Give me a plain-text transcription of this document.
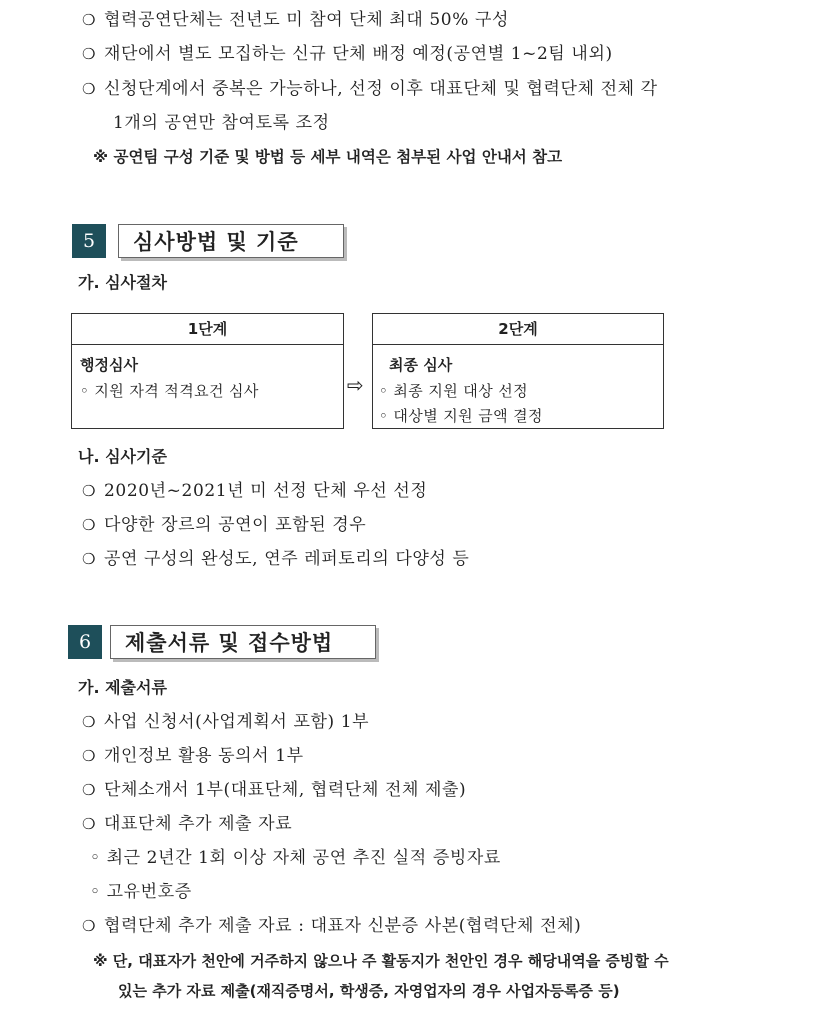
❍ 협력공연단체는 전년도 미 참여 단체 최대 50% 구성
❍ 재단에서 별도 모집하는 신규 단체 배정 예정(공연별 1~2팀 내외)
❍ 신청단계에서 중복은 가능하나, 선정 이후 대표단체 및 협력단체 전체 각
1개의 공연만 참여토록 조정
※ 공연팀 구성 기준 및 방법 등 세부 내역은 첨부된 사업 안내서 참고
5	심사방법 및 기준
가. 심사절차
1단계
행정심사
◦ 지원 자격 적격요건 심사	⇨
2단계
최종 심사
◦ 최종 지원 대상 선정
◦ 대상별 지원 금액 결정
나. 심사기준
❍ 2020년~2021년 미 선정 단체 우선 선정
❍ 다양한 장르의 공연이 포함된 경우
❍ 공연 구성의 완성도, 연주 레퍼토리의 다양성 등
6	제출서류 및 접수방법
가. 제출서류
❍ 사업 신청서(사업계획서 포함) 1부
❍ 개인정보 활용 동의서 1부
❍ 단체소개서 1부(대표단체, 협력단체 전체 제출)
❍ 대표단체 추가 제출 자료
◦ 최근 2년간 1회 이상 자체 공연 추진 실적 증빙자료
◦ 고유번호증
❍ 협력단체 추가 제출 자료 : 대표자 신분증 사본(협력단체 전체)
※ 단, 대표자가 천안에 거주하지 않으나 주 활동지가 천안인 경우 해당내역을 증빙할 수
있는 추가 자료 제출(재직증명서, 학생증, 자영업자의 경우 사업자등록증 등)
